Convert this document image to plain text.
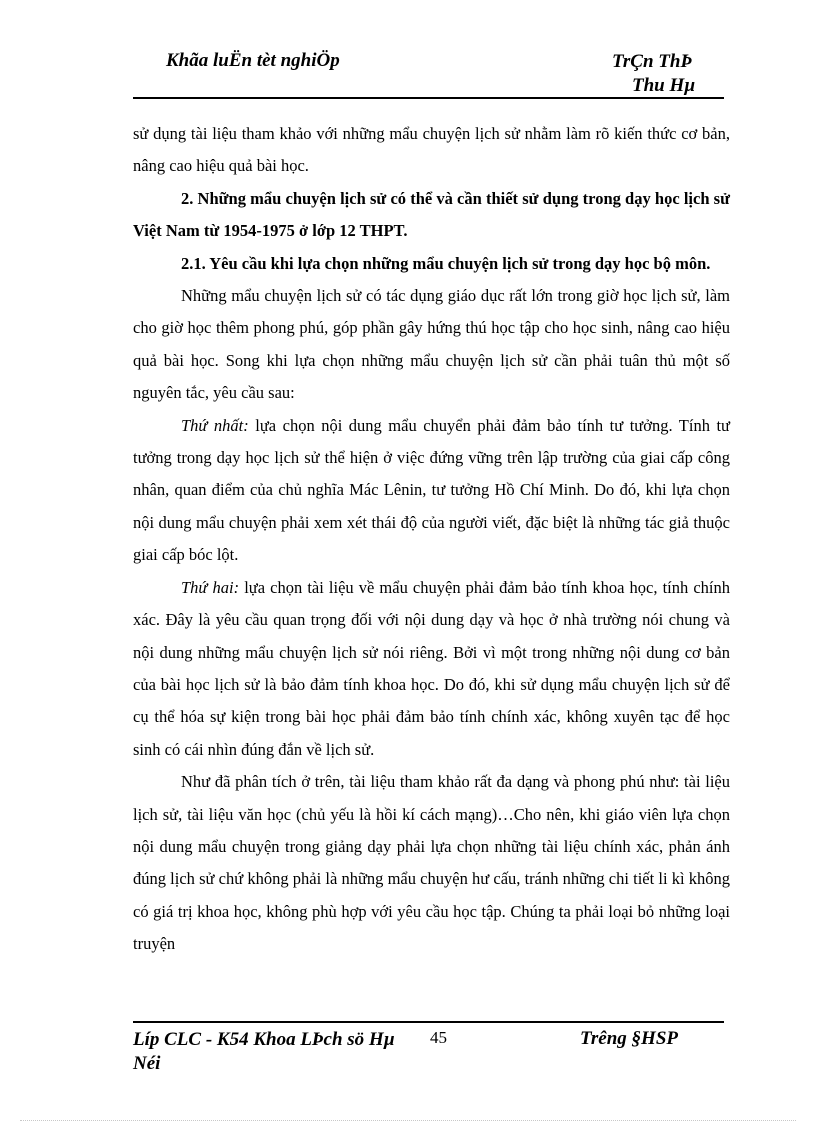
Khãa luËn tèt nghiÖp	TrÇn ThÞ
Thu Hµ

sử dụng tài liệu tham khảo với những mẩu chuyện lịch sử nhằm làm rõ kiến thức cơ bản, nâng cao hiệu quả bài học.

2. Những mẩu chuyện lịch sử có thể và cần thiết sử dụng trong dạy học lịch sử Việt Nam từ 1954-1975 ở lớp 12 THPT.

2.1. Yêu cầu khi lựa chọn những mẩu chuyện lịch sử trong dạy học bộ môn.

Những mẩu chuyện lịch sử có tác dụng giáo dục rất lớn trong giờ học lịch sử, làm cho giờ học thêm phong phú, góp phần gây hứng thú học tập cho học sinh, nâng cao hiệu quả bài học. Song khi lựa chọn những mẩu chuyện lịch sử cần phải tuân thủ một số nguyên tắc, yêu cầu sau:

Thứ nhất: lựa chọn nội dung mẩu chuyển phải đảm bảo tính tư tưởng. Tính tư tưởng trong dạy học lịch sử thể hiện ở việc đứng vững trên lập trường của giai cấp công nhân, quan điểm của chủ nghĩa Mác Lênin, tư tưởng Hồ Chí Minh. Do đó, khi lựa chọn nội dung mẩu chuyện phải xem xét thái độ của người viết, đặc biệt là những tác giả thuộc giai cấp bóc lột.

Thứ hai: lựa chọn tài liệu về mẩu chuyện phải đảm bảo tính khoa học, tính chính xác. Đây là yêu cầu quan trọng đối với nội dung dạy và học ở nhà trường nói chung và nội dung những mẩu chuyện lịch sử nói riêng. Bởi vì một trong những nội dung cơ bản của bài học lịch sử là bảo đảm tính khoa học. Do đó, khi sử dụng mẩu chuyện lịch sử để cụ thể hóa sự kiện trong bài học phải đảm bảo tính chính xác, không xuyên tạc để học sinh có cái nhìn đúng đắn về lịch sử.

Như đã phân tích ở trên, tài liệu tham khảo rất đa dạng và phong phú như: tài liệu lịch sử, tài liệu văn học (chủ yếu là hồi kí cách mạng)…Cho nên, khi giáo viên lựa chọn nội dung mẩu chuyện trong giảng dạy phải lựa chọn những tài liệu chính xác, phản ánh đúng lịch sử chứ không phải là những mẩu chuyện hư cấu, tránh những chi tiết li kì không có giá trị khoa học, không phù hợp với yêu cầu học tập. Chúng ta phải loại bỏ những loại truyện

Líp CLC - K54 Khoa LÞch sö Hµ Néi
45	Trêng §HSP
